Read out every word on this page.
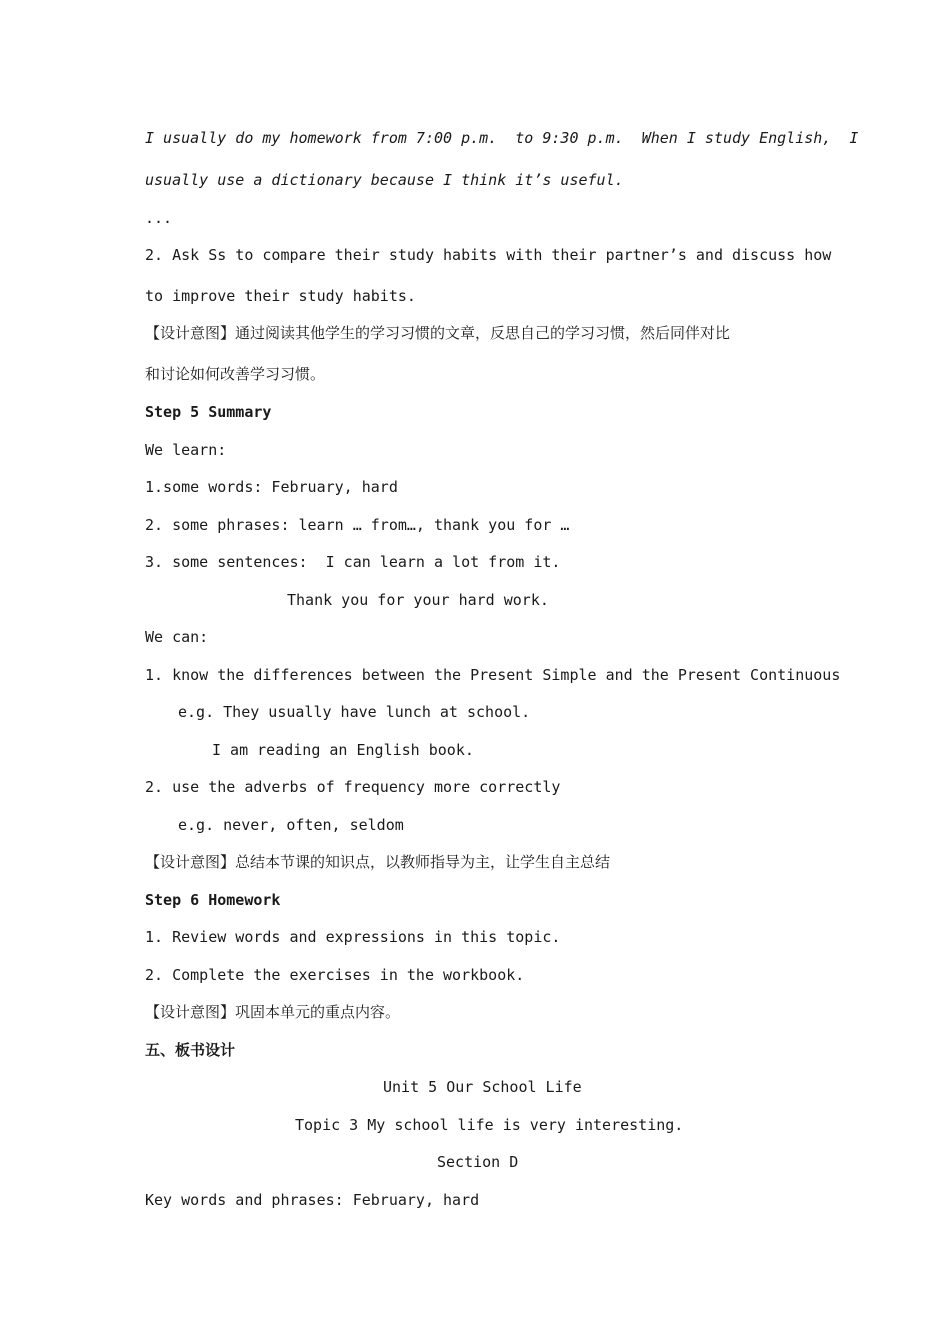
I usually do my homework from 7:00 p.m.  to 9:30 p.m.  When I study English,  I
usually use a dictionary because I think it’s useful.
...
2. Ask Ss to compare their study habits with their partner’s and discuss how
to improve their study habits.
【设计意图】通过阅读其他学生的学习习惯的文章，反思自己的学习习惯，然后同伴对比
和讨论如何改善学习习惯。
Step 5 Summary
We learn:
1.some words: February, hard
2. some phrases: learn … from…, thank you for …
3. some sentences:  I can learn a lot from it.
Thank you for your hard work.
We can:
1. know the differences between the Present Simple and the Present Continuous
e.g. They usually have lunch at school.
I am reading an English book.
2. use the adverbs of frequency more correctly
e.g. never, often, seldom
【设计意图】总结本节课的知识点，以教师指导为主，让学生自主总结
Step 6 Homework
1. Review words and expressions in this topic.
2. Complete the exercises in the workbook.
【设计意图】巩固本单元的重点内容。
五、板书设计
Unit 5 Our School Life
Topic 3 My school life is very interesting.
Section D
Key words and phrases: February, hard
